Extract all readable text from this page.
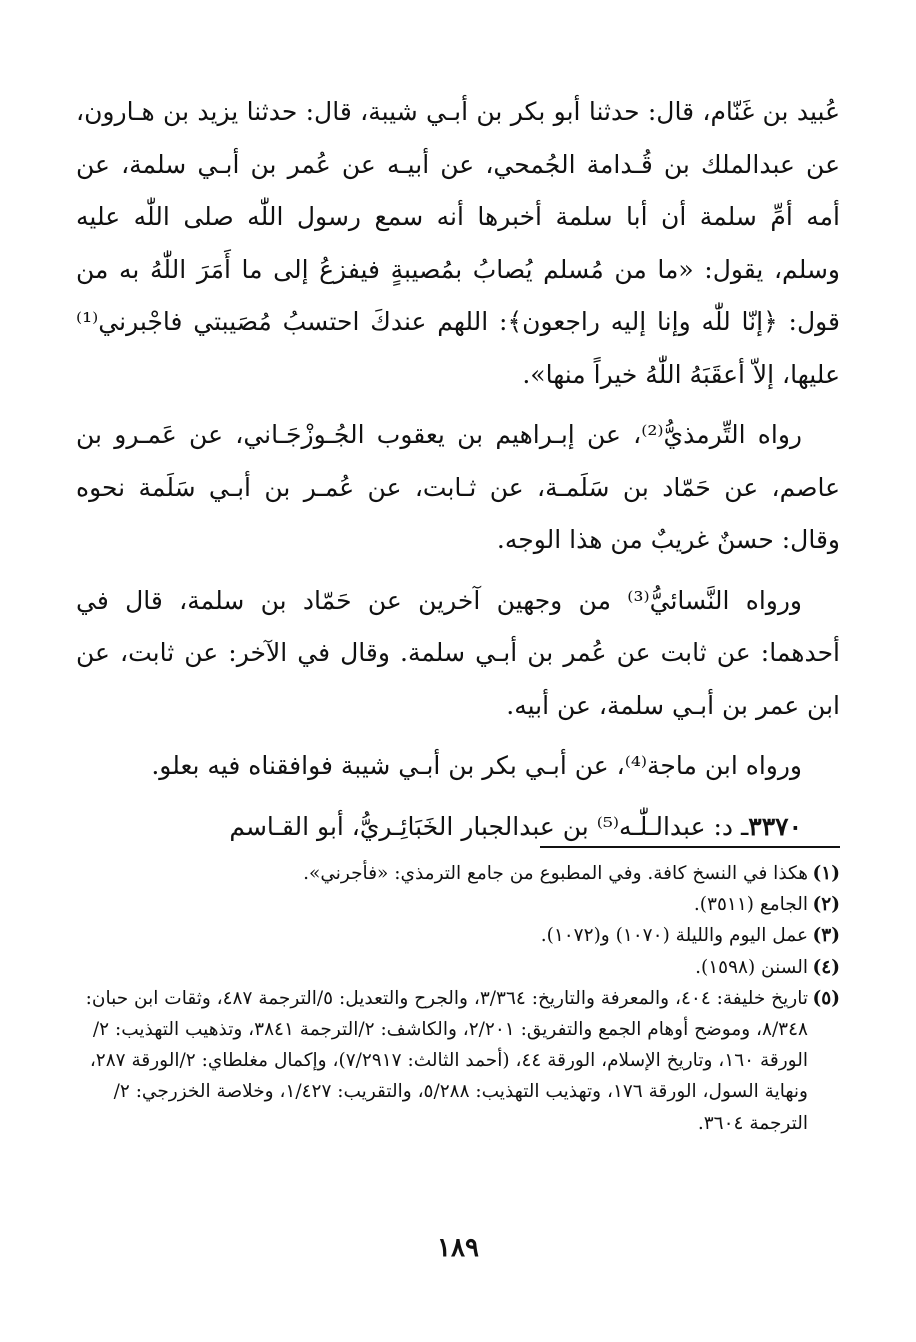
عُبيد بن غَنّام، قال: حدثنا أبو بكر بن أبـي شيبة، قال: حدثنا يزيد بن هـارون، عن عبدالملك بن قُـدامة الجُمحي، عن أبيـه عن عُمر بن أبـي سلمة، عن أمه أمِّ سلمة أن أبا سلمة أخبرها أنه سمع رسول اللّٰه صلى اللّٰه عليه وسلم، يقول: «ما من مُسلم يُصابُ بمُصيبةٍ فيفزعُ إلى ما أَمَرَ اللّٰهُ به من قول: ﴿إنّا للّٰه وإنا إليه راجعون﴾: اللهم عندكَ احتسبُ مُصَيبتي فاجْبرني⁽¹⁾ عليها، إلاّ أعقَبَهُ اللّٰهُ خيراً منها».

رواه التِّرمذيُّ⁽²⁾، عن إبـراهيم بن يعقوب الجُـوزْجَـاني، عن عَمـرو بن عاصم، عن حَمّاد بن سَلَمـة، عن ثـابت، عن عُمـر بن أبـي سَلَمة نحوه وقال: حسنٌ غريبٌ من هذا الوجه.

ورواه النَّسائيُّ⁽³⁾ من وجهين آخرين عن حَمّاد بن سلمة، قال في أحدهما: عن ثابت عن عُمر بن أبـي سلمة. وقال في الآخر: عن ثابت، عن ابن عمر بن أبـي سلمة، عن أبيه.

ورواه ابن ماجة⁽⁴⁾، عن أبـي بكر بن أبـي شيبة فوافقناه فيه بعلو.

٣٣٧٠ـ د: عبدالـلّٰـه⁽⁵⁾ بن عبدالجبار الخَبَائِـريُّ، أبو القـاسم

(١)
هكذا في النسخ كافة. وفي المطبوع من جامع الترمذي: «فأجرني».
(٢)
الجامع (٣٥١١).
(٣)
عمل اليوم والليلة (١٠٧٠) و(١٠٧٢).
(٤)
السنن (١٥٩٨).
(٥)
تاريخ خليفة: ٤٠٤، والمعرفة والتاريخ: ٣/٣٦٤، والجرح والتعديل: ٥/الترجمة ٤٨٧، وثقات ابن حبان: ٨/٣٤٨، وموضح أوهام الجمع والتفريق: ٢/٢٠١، والكاشف: ٢/الترجمة ٣٨٤١، وتذهيب التهذيب: ٢/الورقة ١٦٠، وتاريخ الإسلام، الورقة ٤٤، (أحمد الثالث: ٧/٢٩١٧)، وإكمال مغلطاي: ٢/الورقة ٢٨٧، ونهاية السول، الورقة ١٧٦، وتهذيب التهذيب: ٥/٢٨٨، والتقريب: ١/٤٢٧، وخلاصة الخزرجي: ٢/الترجمة ٣٦٠٤.
١٨٩
